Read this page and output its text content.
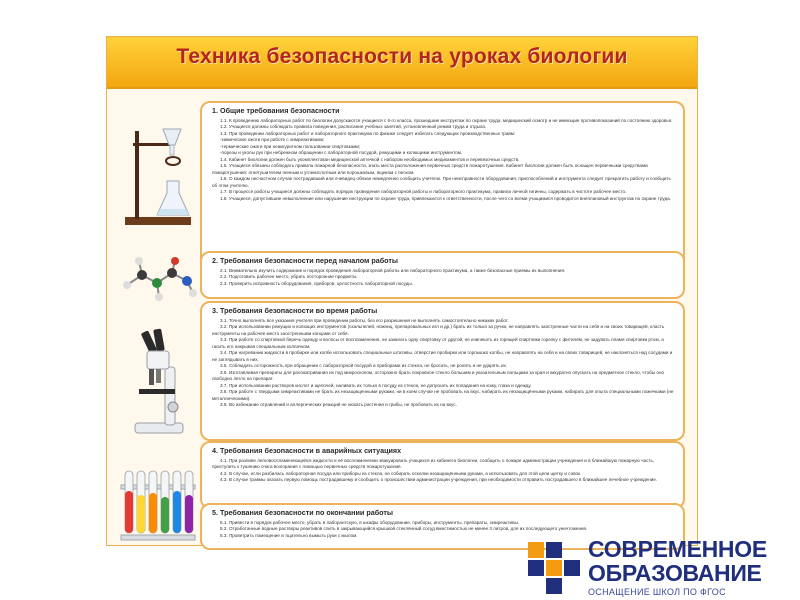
Техника безопасности на уроках биологии
1. Общие требования безопасности

1.1. К проведению лабораторных работ по биологии допускаются учащиеся с 6-го класса, прошедшие инструктаж по охране труда, медицинский осмотр и не имеющие противопоказаний по состоянию здоровья.

1.2. Учащиеся должны соблюдать правила поведения, расписание учебных занятий, установленный режим труда и отдыха.

1.3. При проведении лабораторных работ и лабораторного практикума по физике следует избегать следующих производственных травм:

-химические ожоги при работе с химреактивами;

-термические ожоги при неаккуратном пользовании спиртовками;

-порезы и уколы рук при небрежном обращении с лабораторной посудой, режущими и колющими инструментом.

1.4. Кабинет биологии должен быть укомплектован медицинской аптечкой с набором необходимых медикаментов и перевязочных средств.

1.5. Учащиеся обязаны соблюдать правила пожарной безопасности, знать места расположения первичных средств пожаротушения. Кабинет биологии должен быть оснащен первичными средствами пожаротушения: огнетушителем пенным и углекислотным или порошковым, ящиком с песком.

1.6. О каждом несчастном случае пострадавший или очевидец обязан немедленно сообщить учителю. При неисправности оборудования, приспособлений и инструмента следует прекратить работу и сообщить об этом учителю.

1.7. В процессе работы учащиеся должны соблюдать порядок проведения лабораторной работы и лабораторного практикума, правила личной гигиены, содержать в чистоте рабочее место.

1.8. Учащиеся, допустившие невыполнение или нарушение инструкции по охране труда, привлекаются к ответственности, после чего со всеми учащимися проводится внеплановый инструктаж по охране труда.

2. Требования безопасности перед началом работы

2.1. Внимательно изучить содержание и порядок проведения лабораторной работы или лабораторного практикума, а также безопасные приемы их выполнения.

2.2. Подготовить рабочее место, убрать посторонние предметы.

2.3. Проверить исправность оборудования, приборов, целостность лабораторной посуды.

3. Требования безопасности во время работы

3.1. Точно выполнять все указания учителя при проведении работы, без его разрешения не выполнять самостоятельно никаких работ.

3.2. При использовании режущих и колющих инструментов (скальпелей, ножниц, препаровальных игл и др.) брать их только за ручки, не направлять заостренные части на себя и на своих товарищей, класть инструменты на рабочее место заостренными концами от себя.

3.3. При работе со спиртовкой беречь одежду и волосы от воспламенения, не зажигать одну спиртовку от другой, не извлекать из горящей спиртовки горелку с фитилём, не задувать пламя спиртовки ртом, а гасить его накрывая специальным колпачком.

3.4. При нагревании жидкости в пробирке или колбе использовать специальные штативы, отверстие пробирки или горлышко колбы, не направлять на себя и на своих товарищей, не наклоняться над сосудами и не заглядывать в них.

3.5. Соблюдать осторожность при обращении с лабораторной посудой и приборами из стекла, не бросать, не ронять и не ударять их.

3.6. Изготавливая препараты для рассматривания их под микроскопом, осторожно брать покровное стекло большим и указательным пальцами за края и аккуратно опускать на предметное стекло, чтобы оно свободно легло на препарат.

3.7. При использовании растворов кислот и щелочей, наливать их только в посуду из стекла, не допускать их попадания на кожу, глаза и одежду.

3.8. При работе с твердыми химреактивами не брать их незащищенными руками, ни в коем случае не пробовать на вкус, набирать их незащищёнными руками, набирать для опыта специальными ложечками (не металлическими).

3.9. Во избежание отравлений и аллергических реакций не нюхать растения и грибы, не пробовать их на вкус.

4. Требования безопасности в аварийных ситуациях

4.1. При разливе легковоспламеняющейся жидкости и её воспламенении эвакуировать учащихся из кабинета биологии, сообщить о пожаре администрации учреждения и в ближайшую пожарную часть, приступить к тушению очага возгорания с помощью первичных средств пожаротушения.

4.2. В случае, если разбилась лабораторная посуда или приборы из стекла, не собирать осколки незащищёнными руками, а использовать для этой цели щетку и совок.

4.3. В случае травмы оказать первую помощь пострадавшему и сообщить о происшествии администрации учреждения, при необходимости отправить пострадавшего в ближайшее лечебное учреждение.

5. Требования безопасности по окончании работы

5.1. Привести в порядок рабочее место, убрать в лаборантскую, в шкафы оборудование, приборы, инструменты, препараты, химреактивы.

5.2. Отработанные водные растворы реактивов слить в закрывающийся крышкой стеклянный сосуд вместимостью не менее 3 литров, для их последующего уничтожения.

5.3. Проветрить помещение и тщательно вымыть руки с мылом.

СОВРЕМЕННОЕ
ОБРАЗОВАНИЕ
ОСНАЩЕНИЕ ШКОЛ ПО ФГОС
